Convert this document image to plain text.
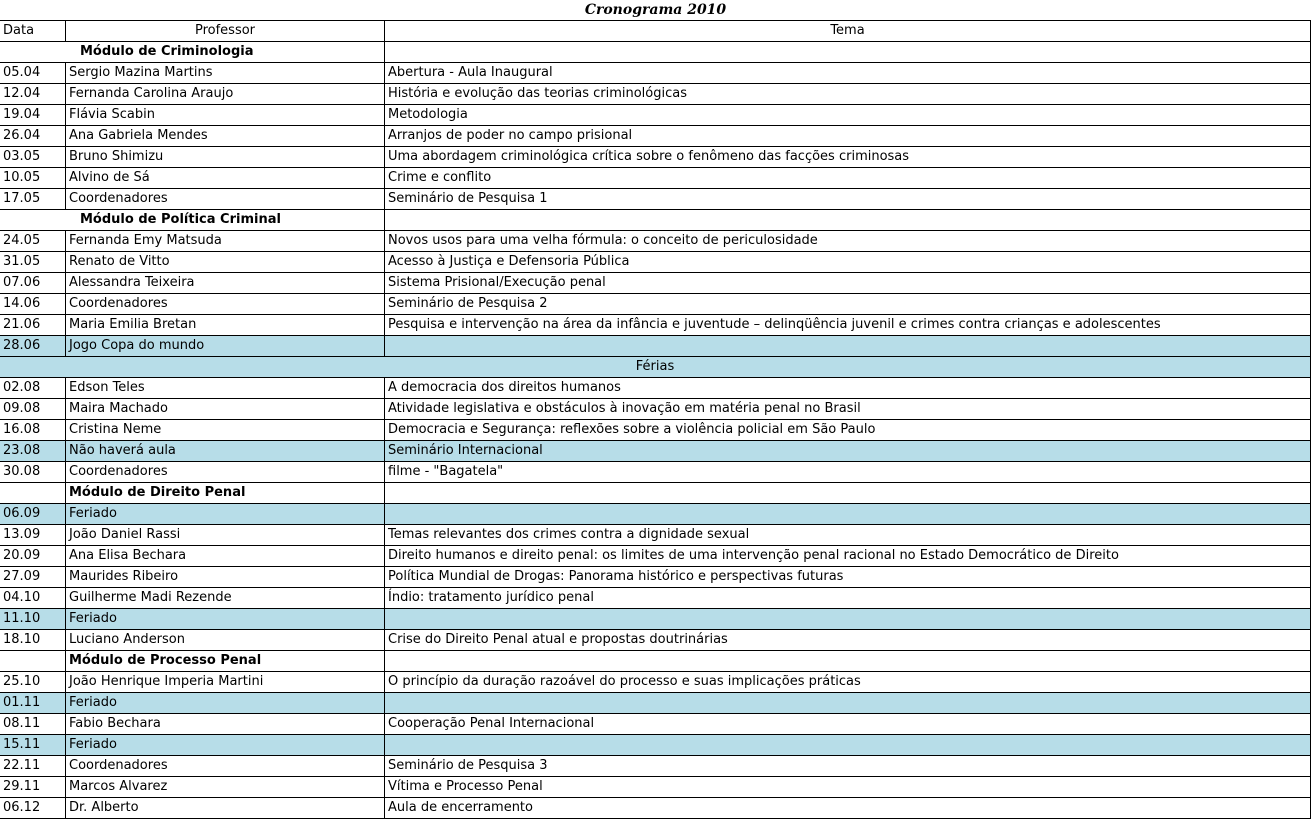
Cronograma 2010
Data	Professor	Tema
Módulo de Criminologia
05.04	Sergio Mazina Martins	Abertura - Aula Inaugural
12.04	Fernanda Carolina Araujo	História e evolução das teorias criminológicas
19.04	Flávia Scabin	Metodologia
26.04	Ana Gabriela Mendes	Arranjos de poder no campo prisional
03.05	Bruno Shimizu	Uma abordagem criminológica crítica sobre o fenômeno das facções criminosas
10.05	Alvino de Sá	Crime e conflito
17.05	Coordenadores	Seminário de Pesquisa 1
Módulo de Política Criminal
24.05	Fernanda Emy Matsuda	Novos usos para uma velha fórmula: o conceito de periculosidade
31.05	Renato de Vitto	Acesso à Justiça e Defensoria Pública
07.06	Alessandra Teixeira	Sistema Prisional/Execução penal
14.06	Coordenadores	Seminário de Pesquisa 2
21.06	Maria Emilia Bretan	Pesquisa e intervenção na área da infância e juventude – delinqüência juvenil e crimes contra crianças e adolescentes
28.06	Jogo Copa do mundo
Férias
02.08	Edson Teles	A democracia dos direitos humanos
09.08	Maira Machado	Atividade legislativa e obstáculos à inovação em matéria penal no Brasil
16.08	Cristina Neme	Democracia e Segurança: reflexões sobre a violência policial em São Paulo
23.08	Não haverá aula	Seminário Internacional
30.08	Coordenadores	filme - "Bagatela"
Módulo de Direito Penal
06.09	Feriado
13.09	João Daniel Rassi	Temas relevantes dos crimes contra a dignidade sexual
20.09	Ana Elisa Bechara	Direito humanos e direito penal: os limites de uma intervenção penal racional no Estado Democrático de Direito
27.09	Maurides Ribeiro	Política Mundial de Drogas: Panorama histórico e perspectivas futuras
04.10	Guilherme Madi Rezende	Índio: tratamento jurídico penal
11.10	Feriado
18.10	Luciano Anderson	Crise do Direito Penal atual e propostas doutrinárias
Módulo de Processo Penal
25.10	João Henrique Imperia Martini	O princípio da duração razoável do processo e suas implicações práticas
01.11	Feriado
08.11	Fabio Bechara	Cooperação Penal Internacional
15.11	Feriado
22.11	Coordenadores	Seminário de Pesquisa 3
29.11	Marcos Alvarez	Vítima e Processo Penal
06.12	Dr. Alberto	Aula de encerramento
